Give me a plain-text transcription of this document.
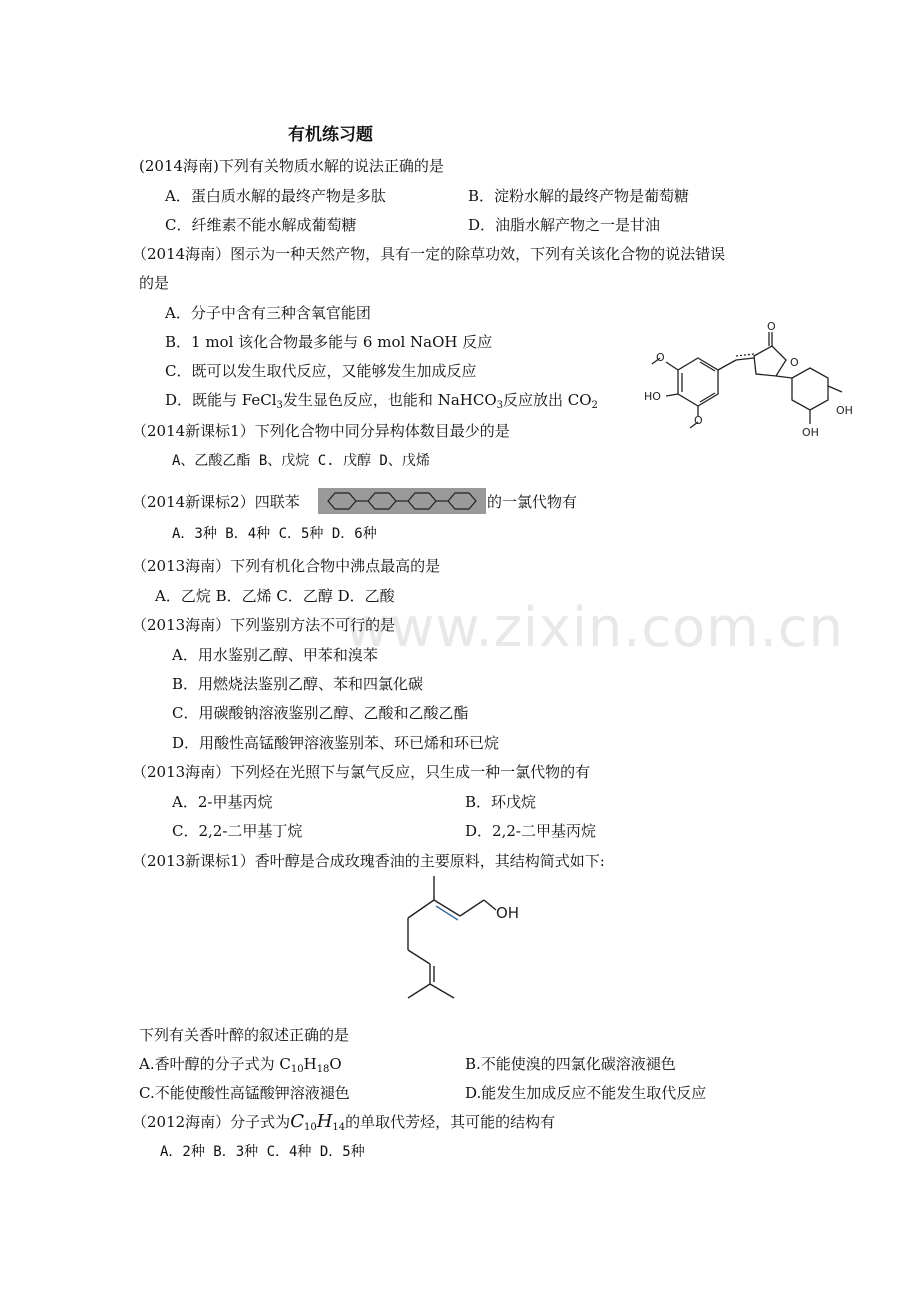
www.zixin.com.cn
有机练习题
(2014海南)下列有关物质水解的说法正确的是
A．蛋白质水解的最终产物是多肽	B．淀粉水解的最终产物是葡萄糖
C．纤维素不能水解成葡萄糖	D．油脂水解产物之一是甘油
（2014海南）图示为一种天然产物，具有一定的除草功效，下列有关该化合物的说法错误
的是
A．分子中含有三种含氧官能团
B．1 mol 该化合物最多能与 6 mol NaOH 反应
C．既可以发生取代反应，又能够发生加成反应
D．既能与 FeCl$_3$发生显色反应，也能和 NaHCO$_3$反应放出 $CO_2$
O
O
O
O
HO
OH
OH
（2014新课标1）下列化合物中同分异构体数目最少的是
A、乙酸乙酯 B、戊烷 C. 戊醇 D、戊烯
（2014新课标2）四联苯	的一氯代物有
A．3种 B．4种 C．5种 D．6种
（2013海南）下列有机化合物中沸点最高的是
A．乙烷 B．乙烯 C．乙醇 D．乙酸
（2013海南）下列鉴别方法不可行的是
A．用水鉴别乙醇、甲苯和溴苯
B．用燃烧法鉴别乙醇、苯和四氯化碳
C．用碳酸钠溶液鉴别乙醇、乙酸和乙酸乙酯
D．用酸性高锰酸钾溶液鉴别苯、环已烯和环已烷
（2013海南）下列烃在光照下与氯气反应，只生成一种一氯代物的有
A．2-甲基丙烷	B．环戊烷
C．2,2-二甲基丁烷	D．2,2-二甲基丙烷
（2013新课标1）香叶醇是合成玫瑰香油的主要原料，其结构简式如下:
OH
下列有关香叶醉的叙述正确的是
A.香叶醇的分子式为 $C_{10}H_{18}O$	B.不能使溴的四氯化碳溶液褪色
C.不能使酸性高锰酸钾溶液褪色	D.能发生加成反应不能发生取代反应
（2012海南）分子式为$C_{10}H_{14}$的单取代芳烃，其可能的结构有
A．2种 B．3种 C．4种 D．5种
